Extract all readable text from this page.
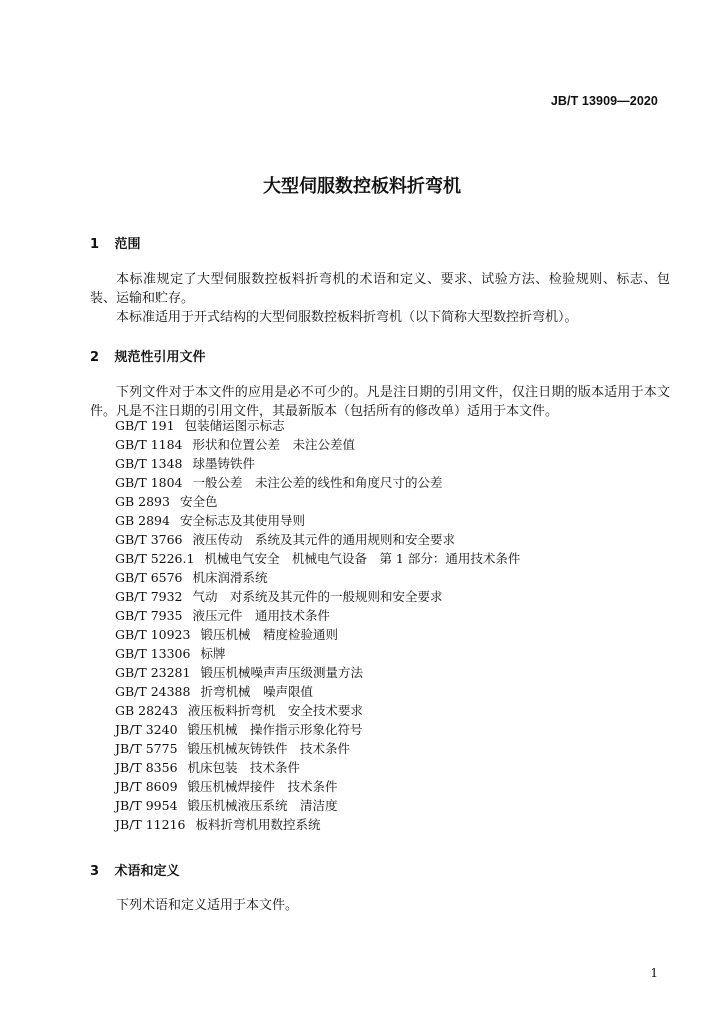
JB/T 13909—2020
大型伺服数控板料折弯机
1 范围

本标准规定了大型伺服数控板料折弯机的术语和定义、要求、试验方法、检验规则、标志、包装、运输和贮存。

本标准适用于开式结构的大型伺服数控板料折弯机（以下简称大型数控折弯机）。

2 规范性引用文件

下列文件对于本文件的应用是必不可少的。凡是注日期的引用文件，仅注日期的版本适用于本文件。凡是不注日期的引用文件，其最新版本（包括所有的修改单）适用于本文件。

GB/T 191 包装储运图示标志
GB/T 1184 形状和位置公差　未注公差值
GB/T 1348 球墨铸铁件
GB/T 1804 一般公差　未注公差的线性和角度尺寸的公差
GB 2893 安全色
GB 2894 安全标志及其使用导则
GB/T 3766 液压传动　系统及其元件的通用规则和安全要求
GB/T 5226.1 机械电气安全　机械电气设备　第 1 部分：通用技术条件
GB/T 6576 机床润滑系统
GB/T 7932 气动　对系统及其元件的一般规则和安全要求
GB/T 7935 液压元件　通用技术条件
GB/T 10923 锻压机械　精度检验通则
GB/T 13306 标牌
GB/T 23281 锻压机械噪声声压级测量方法
GB/T 24388 折弯机械　噪声限值
GB 28243 液压板料折弯机　安全技术要求
JB/T 3240 锻压机械　操作指示形象化符号
JB/T 5775 锻压机械灰铸铁件　技术条件
JB/T 8356 机床包装　技术条件
JB/T 8609 锻压机械焊接件　技术条件
JB/T 9954 锻压机械液压系统　清洁度
JB/T 11216 板料折弯机用数控系统
3 术语和定义

下列术语和定义适用于本文件。

1
